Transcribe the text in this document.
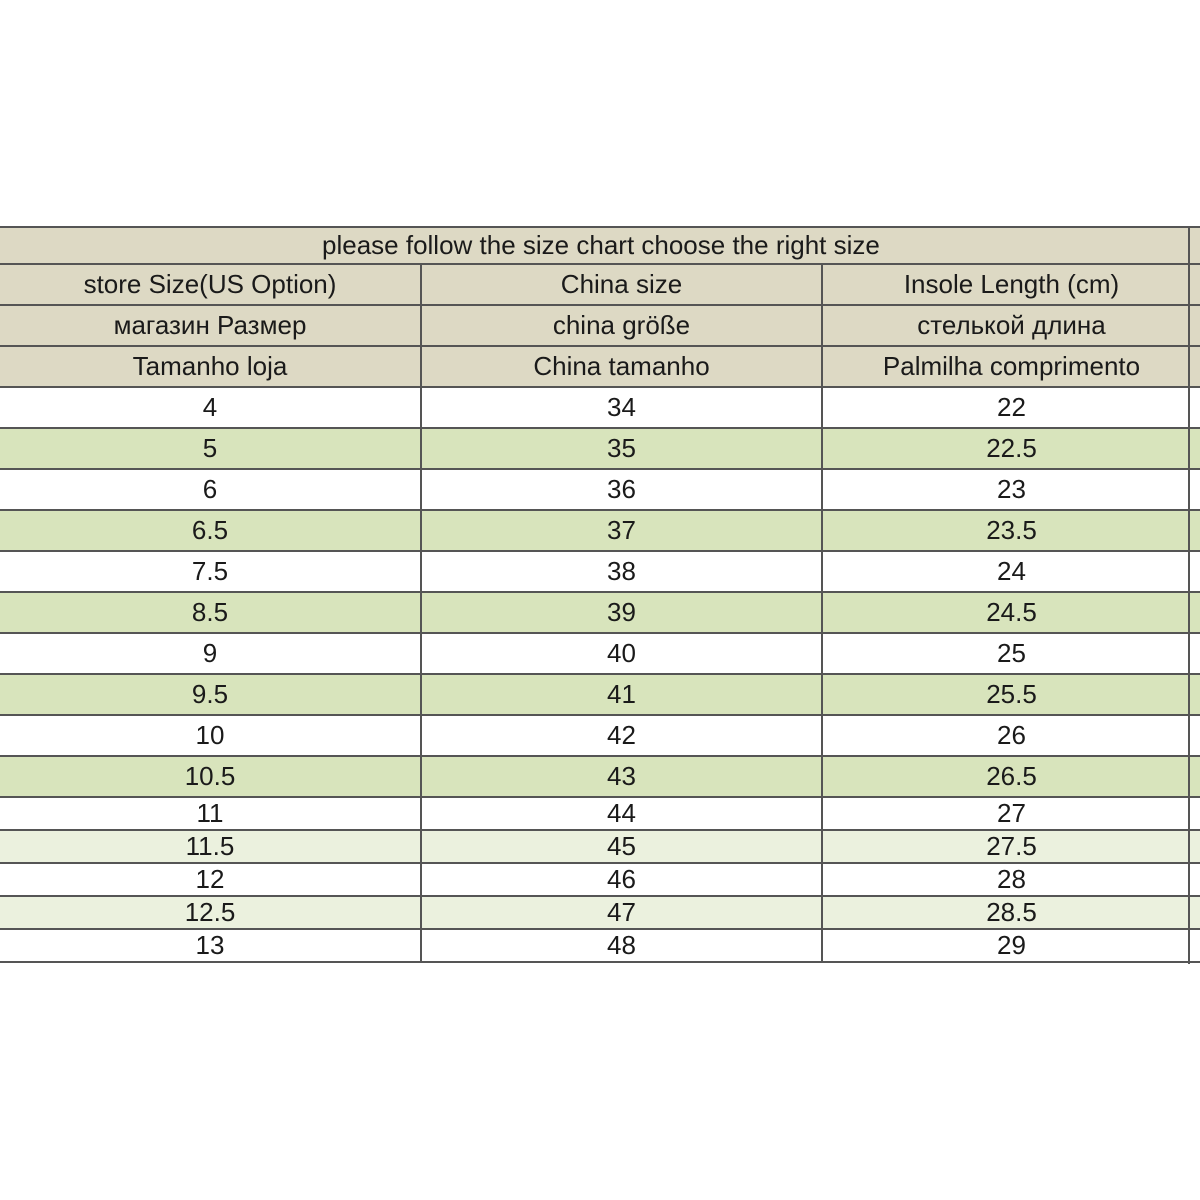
please follow the size chart choose the right size
store Size(US Option)	China size	Insole Length (cm)
магазин Размер	china größe	стелькой длина
Tamanho loja	China tamanho	Palmilha comprimento
4	34	22
5	35	22.5
6	36	23
6.5	37	23.5
7.5	38	24
8.5	39	24.5
9	40	25
9.5	41	25.5
10	42	26
10.5	43	26.5
11	44	27
11.5	45	27.5
12	46	28
12.5	47	28.5
13	48	29
